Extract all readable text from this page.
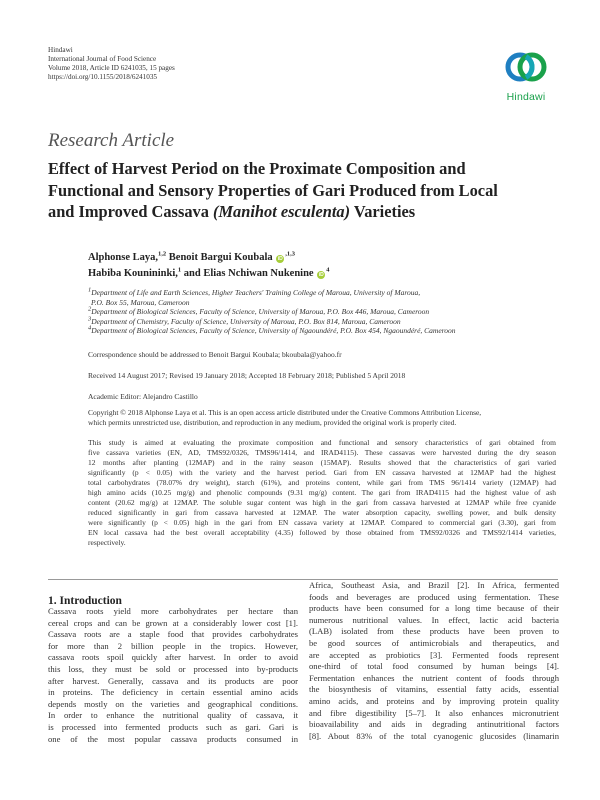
Hindawi
International Journal of Food Science
Volume 2018, Article ID 6241035, 15 pages
https://doi.org/10.1155/2018/6241035
Hindawi
Research Article
Effect of Harvest Period on the Proximate Composition and
Functional and Sensory Properties of Gari Produced from Local
and Improved Cassava (Manihot esculenta) Varieties
Alphonse Laya,$^{1,2}$ Benoit Bargui Koubala $iD^{,1,3}$
Habiba Kounininki,$^1$ and Elias Nchiwan Nukenine $iD^4$
$^1$Department of Life and Earth Sciences, Higher Teachers' Training College of Maroua, University of Maroua,
P.O. Box 55, Maroua, Cameroon
$^2$Department of Biological Sciences, Faculty of Science, University of Maroua, P.O. Box 446, Maroua, Cameroon
$^3$Department of Chemistry, Faculty of Science, University of Maroua, P.O. Box 814, Maroua, Cameroon
$^4$Department of Biological Sciences, Faculty of Science, University of Ngaoundéré, P.O. Box 454, Ngaoundéré, Cameroon
Correspondence should be addressed to Benoit Bargui Koubala; bkoubala@yahoo.fr
Received 14 August 2017; Revised 19 January 2018; Accepted 18 February 2018; Published 5 April 2018
Academic Editor: Alejandro Castillo
Copyright © 2018 Alphonse Laya et al. This is an open access article distributed under the Creative Commons Attribution License,
which permits unrestricted use, distribution, and reproduction in any medium, provided the original work is properly cited.
This study is aimed at evaluating the proximate composition and functional and sensory characteristics of gari obtained from
five cassava varieties (EN, AD, TMS92/0326, TMS96/1414, and IRAD4115). These cassavas were harvested during the dry season
12 months after planting (12MAP) and in the rainy season (15MAP). Results showed that the characteristics of gari varied
significantly (p < 0.05) with the variety and the harvest period. Gari from EN cassava harvested at 12MAP had the highest
total carbohydrates (78.07% dry weight), starch (61%), and proteins content, while gari from TMS 96/1414 variety (12MAP) had
high amino acids (10.25 mg/g) and phenolic compounds (9.31 mg/g) content. The gari from IRAD4115 had the highest value of ash
content (20.62 mg/g) at 12MAP. The soluble sugar content was high in the gari from cassava harvested at 12MAP while free cyanide
reduced significantly in gari from cassava harvested at 12MAP. The water absorption capacity, swelling power, and bulk density
were significantly (p < 0.05) high in the gari from EN cassava variety at 12MAP. Compared to commercial gari (3.30), gari from
EN local cassava had the best overall acceptability (4.35) followed by those obtained from TMS92/0326 and TMS92/1414 varieties,
respectively.
1. Introduction
Cassava roots yield more carbohydrates per hectare than
cereal crops and can be grown at a considerably lower cost [1].
Cassava roots are a staple food that provides carbohydrates
for more than 2 billion people in the tropics. However,
cassava roots spoil quickly after harvest. In order to avoid
this loss, they must be sold or processed into by-products
after harvest. Generally, cassava and its products are poor
in proteins. The deficiency in certain essential amino acids
depends mostly on the varieties and geographical conditions.
In order to enhance the nutritional quality of cassava, it
is processed into fermented products such as gari. Gari is
one of the most popular cassava products consumed in
Africa, Southeast Asia, and Brazil [2]. In Africa, fermented
foods and beverages are produced using fermentation. These
products have been consumed for a long time because of their
numerous nutritional values. In effect, lactic acid bacteria
(LAB) isolated from these products have been proven to
be good sources of antimicrobials and therapeutics, and
are accepted as probiotics [3]. Fermented foods represent
one-third of total food consumed by human beings [4].
Fermentation enhances the nutrient content of foods through
the biosynthesis of vitamins, essential fatty acids, essential
amino acids, and proteins and by improving protein quality
and fibre digestibility [5–7]. It also enhances micronutrient
bioavailability and aids in degrading antinutritional factors
[8]. About 83% of the total cyanogenic glucosides (linamarin
